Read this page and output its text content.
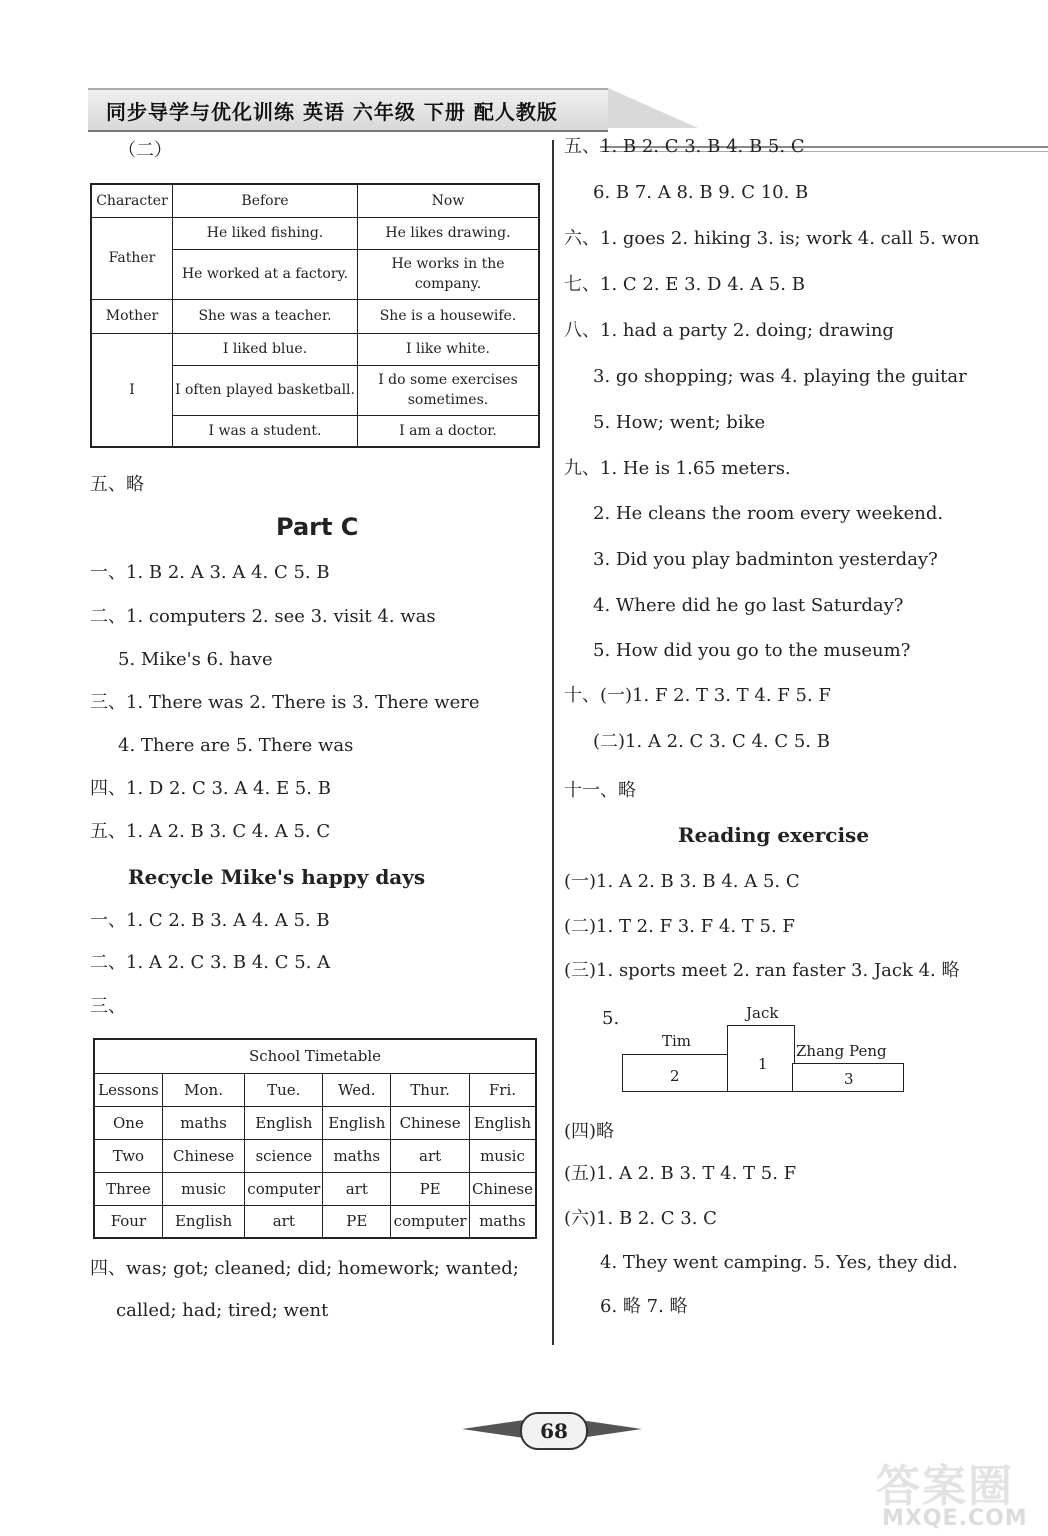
同步导学与优化训练 英语 六年级 下册 配人教版
（二）
Character	Before	Now
Father	He liked fishing.	He likes drawing.
	He worked at a factory.	He works in the company.
Mother	She was a teacher.	She is a housewife.
I	I liked blue.	I like white.
	I often played basketball.	I do some exercises sometimes.
	I was a student.	I am a doctor.
五、略
Part C
一、1. B 2. A 3. A 4. C 5. B
二、1. computers 2. see 3. visit 4. was
5. Mike's 6. have
三、1. There was 2. There is 3. There were
4. There are 5. There was
四、1. D 2. C 3. A 4. E 5. B
五、1. A 2. B 3. C 4. A 5. C
Recycle Mike's happy days
一、1. C 2. B 3. A 4. A 5. B
二、1. A 2. C 3. B 4. C 5. A
三、
School Timetable					
Lessons	Mon.	Tue.	Wed.	Thur.	Fri.
One	maths	English	English	Chinese	English
Two	Chinese	science	maths	art	music
Three	music	computer	art	PE	Chinese
Four	English	art	PE	computer	maths
四、was; got; cleaned; did; homework; wanted;
called; had; tired; went
五、1. B 2. C 3. B 4. B 5. C
6. B 7. A 8. B 9. C 10. B
六、1. goes 2. hiking 3. is; work 4. call 5. won
七、1. C 2. E 3. D 4. A 5. B
八、1. had a party 2. doing; drawing
3. go shopping; was 4. playing the guitar
5. How; went; bike
九、1. He is 1.65 meters.
2. He cleans the room every weekend.
3. Did you play badminton yesterday?
4. Where did he go last Saturday?
5. How did you go to the museum?
十、(一)1. F 2. T 3. T 4. F 5. F
(二)1. A 2. C 3. C 4. C 5. B
十一、略
Reading exercise
(一)1. A 2. B 3. B 4. A 5. C
(二)1. T 2. F 3. F 4. T 5. F
(三)1. sports meet 2. ran faster 3. Jack 4. 略
5.
Tim
Jack
Zhang Peng
2
1
3
(四)略
(五)1. A 2. B 3. T 4. T 5. F
(六)1. B 2. C 3. C
4. They went camping. 5. Yes, they did.
6. 略 7. 略
68
答案圈
MXQE.COM
